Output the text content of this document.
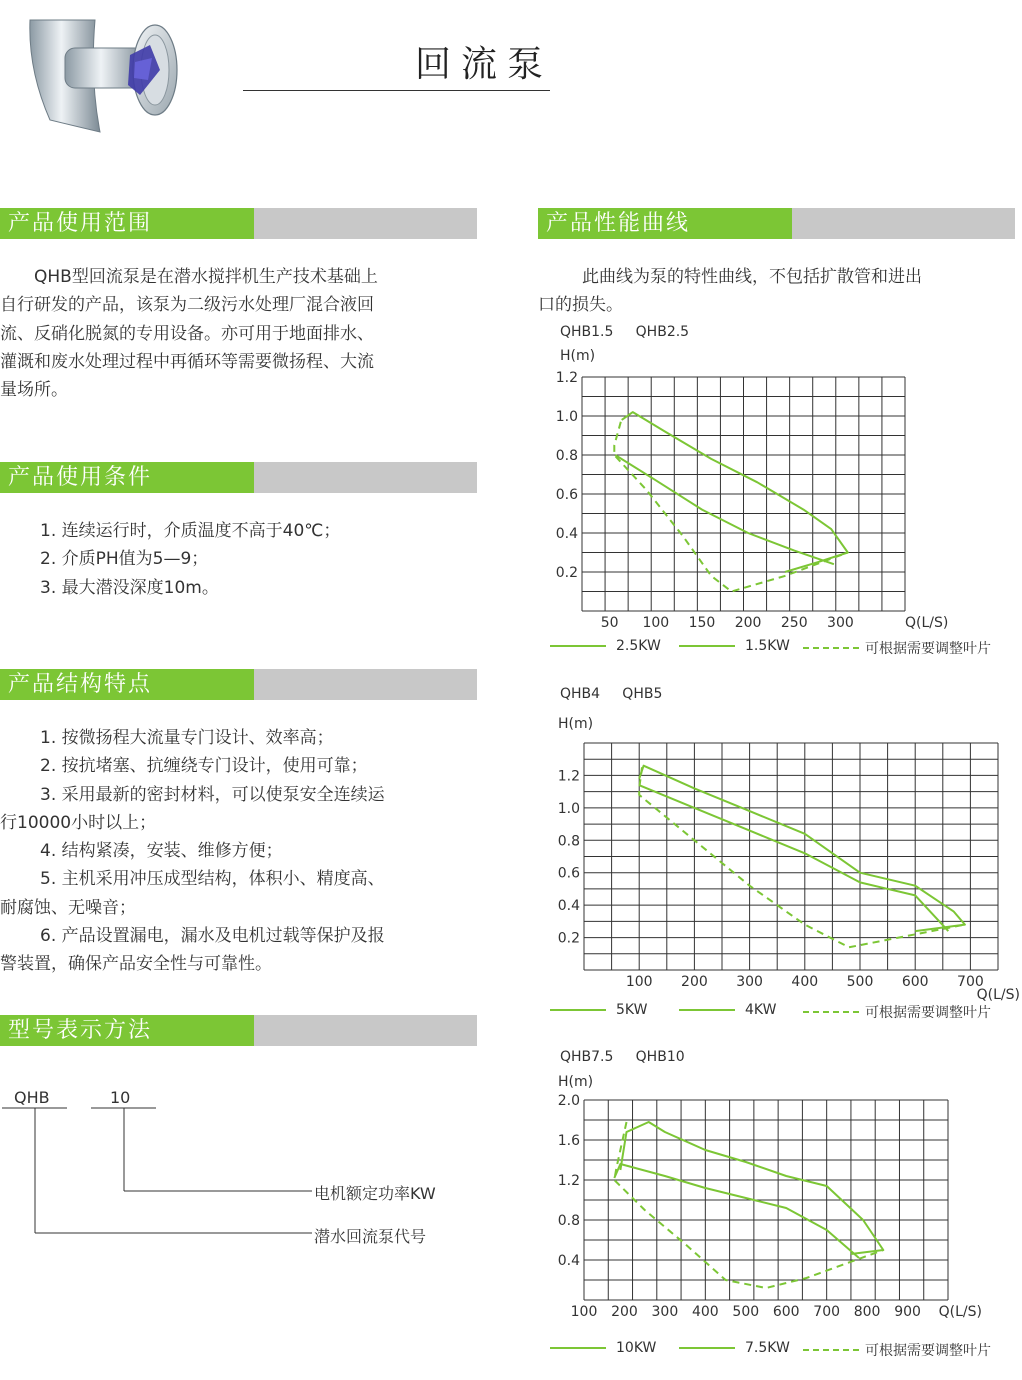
回流泵
产品使用范围

QHB型回流泵是在潜水搅拌机生产技术基础上

自行研发的产品，该泵为二级污水处理厂混合液回

流、反硝化脱氮的专用设备。亦可用于地面排水、

灌溉和废水处理过程中再循环等需要微扬程、大流

量场所。

产品使用条件

1. 连续运行时，介质温度不高于40℃；

2. 介质PH值为5—9；

3. 最大潜没深度10m。

产品结构特点

1. 按微扬程大流量专门设计、效率高；

2. 按抗堵塞、抗缠绕专门设计，使用可靠；

3. 采用最新的密封材料，可以使泵安全连续运

行10000小时以上；

4. 结构紧凑，安装、维修方便；

5. 主机采用冲压成型结构，体积小、精度高、

耐腐蚀、无噪音；

6. 产品设置漏电，漏水及电机过载等保护及报

警装置，确保产品安全性与可靠性。

型号表示方法
QHB	10
电机额定功率KW
潜水回流泵代号
产品性能曲线

此曲线为泵的特性曲线，不包括扩散管和进出

口的损失。

QHB1.5     QHB2.5
0.2
0.4
0.6
0.8
1.0
1.2
50 100 150 200 250 300
H(m)
Q(L/S)
2.5KW	1.5KW	可根据需要调整叶片
QHB4     QHB5
0.2
0.4
0.6
0.8
1.0
1.2
100 200 300 400 500 600 700
H(m)
Q(L/S)
5KW	4KW	可根据需要调整叶片
QHB7.5     QHB10
0.4
0.8
1.2
1.6
2.0
100 200 300 400 500 600 700 800 900
H(m)
Q(L/S)
10KW	7.5KW	可根据需要调整叶片
